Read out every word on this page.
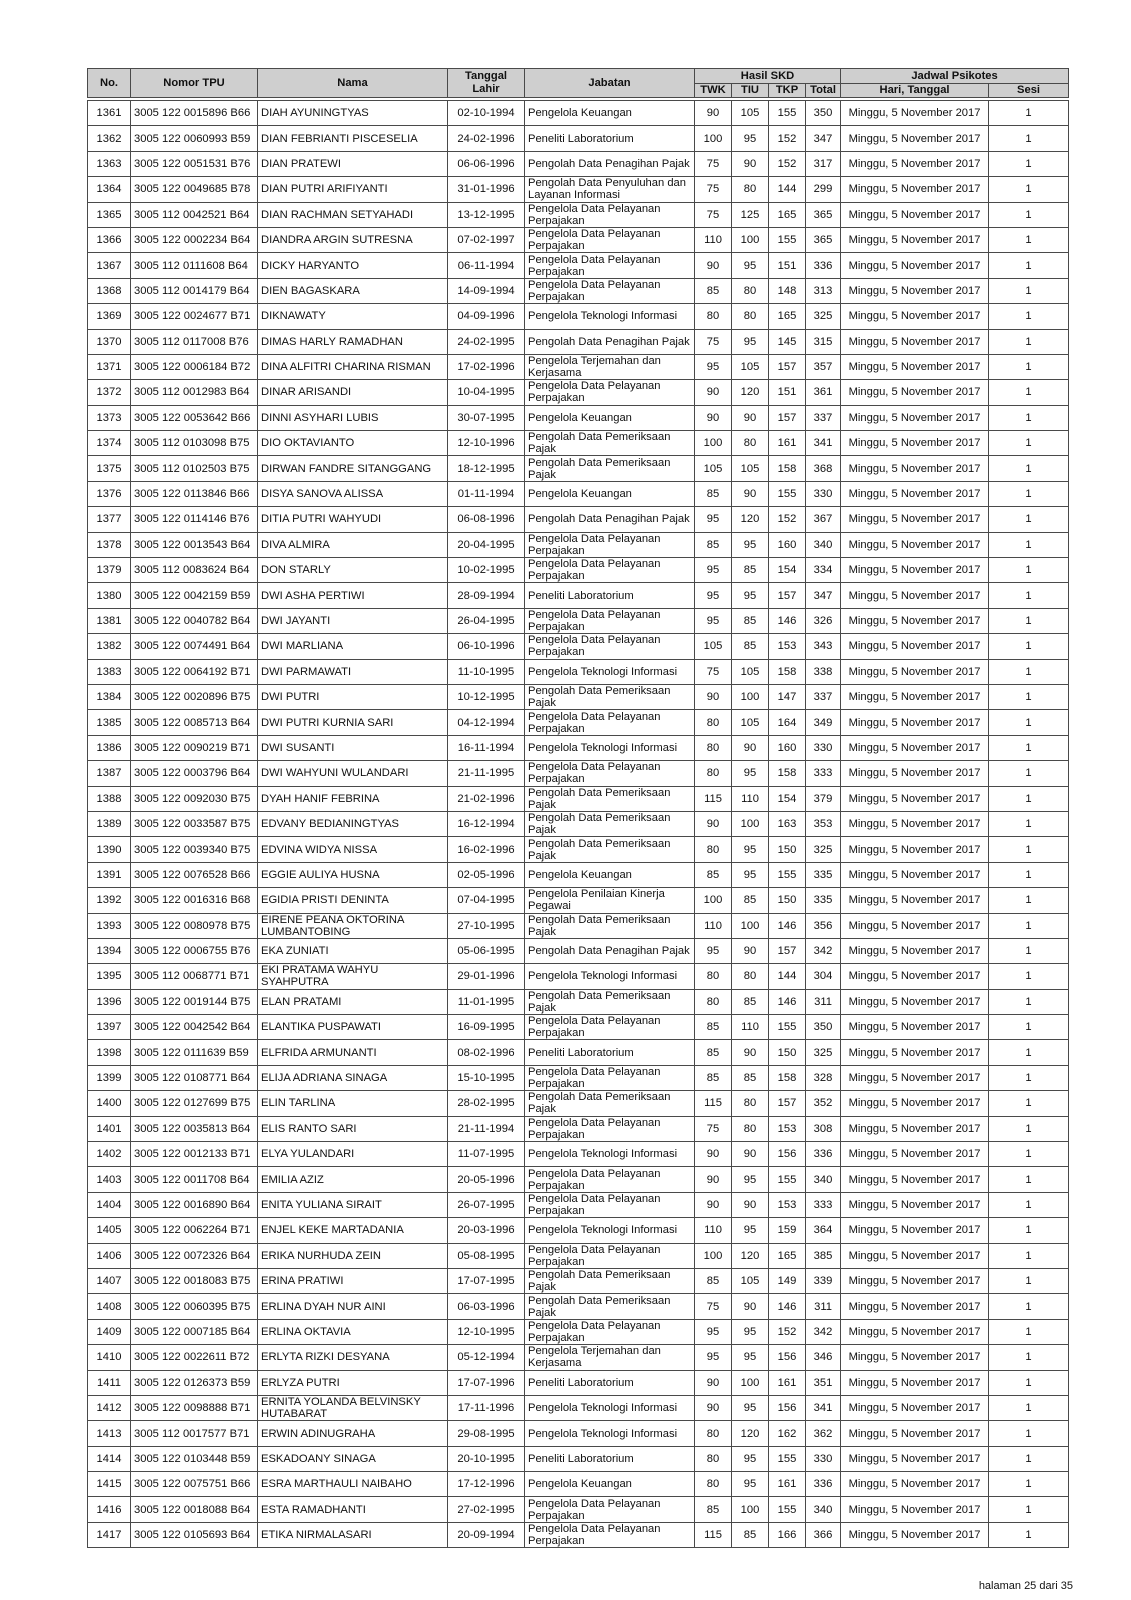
No.	Nomor TPU	Nama	Tanggal Lahir	Jabatan	Hasil SKD				Jadwal Psikotes	
					TWK	TIU	TKP	Total	Hari, Tanggal	Sesi

1361	3005 122 0015896 B66	DIAH AYUNINGTYAS	02-10-1994	Pengelola Keuangan	90	105	155	350	Minggu, 5 November 2017	1
1362	3005 122 0060993 B59	DIAN FEBRIANTI PISCESELIA	24-02-1996	Peneliti Laboratorium	100	95	152	347	Minggu, 5 November 2017	1
1363	3005 122 0051531 B76	DIAN PRATEWI	06-06-1996	Pengolah Data Penagihan Pajak	75	90	152	317	Minggu, 5 November 2017	1
1364	3005 122 0049685 B78	DIAN PUTRI ARIFIYANTI	31-01-1996	Pengolah Data Penyuluhan dan Layanan Informasi	75	80	144	299	Minggu, 5 November 2017	1
1365	3005 112 0042521 B64	DIAN RACHMAN SETYAHADI	13-12-1995	Pengelola Data Pelayanan Perpajakan	75	125	165	365	Minggu, 5 November 2017	1
1366	3005 122 0002234 B64	DIANDRA ARGIN SUTRESNA	07-02-1997	Pengelola Data Pelayanan Perpajakan	110	100	155	365	Minggu, 5 November 2017	1
1367	3005 112 0111608 B64	DICKY HARYANTO	06-11-1994	Pengelola Data Pelayanan Perpajakan	90	95	151	336	Minggu, 5 November 2017	1
1368	3005 112 0014179 B64	DIEN BAGASKARA	14-09-1994	Pengelola Data Pelayanan Perpajakan	85	80	148	313	Minggu, 5 November 2017	1
1369	3005 122 0024677 B71	DIKNAWATY	04-09-1996	Pengelola Teknologi Informasi	80	80	165	325	Minggu, 5 November 2017	1
1370	3005 112 0117008 B76	DIMAS HARLY RAMADHAN	24-02-1995	Pengolah Data Penagihan Pajak	75	95	145	315	Minggu, 5 November 2017	1
1371	3005 122 0006184 B72	DINA ALFITRI CHARINA RISMAN	17-02-1996	Pengelola Terjemahan dan Kerjasama	95	105	157	357	Minggu, 5 November 2017	1
1372	3005 112 0012983 B64	DINAR ARISANDI	10-04-1995	Pengelola Data Pelayanan Perpajakan	90	120	151	361	Minggu, 5 November 2017	1
1373	3005 122 0053642 B66	DINNI ASYHARI LUBIS	30-07-1995	Pengelola Keuangan	90	90	157	337	Minggu, 5 November 2017	1
1374	3005 112 0103098 B75	DIO OKTAVIANTO	12-10-1996	Pengolah Data Pemeriksaan Pajak	100	80	161	341	Minggu, 5 November 2017	1
1375	3005 112 0102503 B75	DIRWAN FANDRE SITANGGANG	18-12-1995	Pengolah Data Pemeriksaan Pajak	105	105	158	368	Minggu, 5 November 2017	1
1376	3005 122 0113846 B66	DISYA SANOVA ALISSA	01-11-1994	Pengelola Keuangan	85	90	155	330	Minggu, 5 November 2017	1
1377	3005 122 0114146 B76	DITIA PUTRI WAHYUDI	06-08-1996	Pengolah Data Penagihan Pajak	95	120	152	367	Minggu, 5 November 2017	1
1378	3005 122 0013543 B64	DIVA ALMIRA	20-04-1995	Pengelola Data Pelayanan Perpajakan	85	95	160	340	Minggu, 5 November 2017	1
1379	3005 112 0083624 B64	DON STARLY	10-02-1995	Pengelola Data Pelayanan Perpajakan	95	85	154	334	Minggu, 5 November 2017	1
1380	3005 122 0042159 B59	DWI ASHA PERTIWI	28-09-1994	Peneliti Laboratorium	95	95	157	347	Minggu, 5 November 2017	1
1381	3005 122 0040782 B64	DWI JAYANTI	26-04-1995	Pengelola Data Pelayanan Perpajakan	95	85	146	326	Minggu, 5 November 2017	1
1382	3005 122 0074491 B64	DWI MARLIANA	06-10-1996	Pengelola Data Pelayanan Perpajakan	105	85	153	343	Minggu, 5 November 2017	1
1383	3005 122 0064192 B71	DWI PARMAWATI	11-10-1995	Pengelola Teknologi Informasi	75	105	158	338	Minggu, 5 November 2017	1
1384	3005 122 0020896 B75	DWI PUTRI	10-12-1995	Pengolah Data Pemeriksaan Pajak	90	100	147	337	Minggu, 5 November 2017	1
1385	3005 122 0085713 B64	DWI PUTRI KURNIA SARI	04-12-1994	Pengelola Data Pelayanan Perpajakan	80	105	164	349	Minggu, 5 November 2017	1
1386	3005 122 0090219 B71	DWI SUSANTI	16-11-1994	Pengelola Teknologi Informasi	80	90	160	330	Minggu, 5 November 2017	1
1387	3005 122 0003796 B64	DWI WAHYUNI WULANDARI	21-11-1995	Pengelola Data Pelayanan Perpajakan	80	95	158	333	Minggu, 5 November 2017	1
1388	3005 122 0092030 B75	DYAH HANIF FEBRINA	21-02-1996	Pengolah Data Pemeriksaan Pajak	115	110	154	379	Minggu, 5 November 2017	1
1389	3005 122 0033587 B75	EDVANY BEDIANINGTYAS	16-12-1994	Pengolah Data Pemeriksaan Pajak	90	100	163	353	Minggu, 5 November 2017	1
1390	3005 122 0039340 B75	EDVINA WIDYA NISSA	16-02-1996	Pengolah Data Pemeriksaan Pajak	80	95	150	325	Minggu, 5 November 2017	1
1391	3005 122 0076528 B66	EGGIE AULIYA HUSNA	02-05-1996	Pengelola Keuangan	85	95	155	335	Minggu, 5 November 2017	1
1392	3005 122 0016316 B68	EGIDIA PRISTI DENINTA	07-04-1995	Pengelola Penilaian Kinerja Pegawai	100	85	150	335	Minggu, 5 November 2017	1
1393	3005 122 0080978 B75	EIRENE PEANA OKTORINA LUMBANTOBING	27-10-1995	Pengolah Data Pemeriksaan Pajak	110	100	146	356	Minggu, 5 November 2017	1
1394	3005 122 0006755 B76	EKA ZUNIATI	05-06-1995	Pengolah Data Penagihan Pajak	95	90	157	342	Minggu, 5 November 2017	1
1395	3005 112 0068771 B71	EKI PRATAMA WAHYU SYAHPUTRA	29-01-1996	Pengelola Teknologi Informasi	80	80	144	304	Minggu, 5 November 2017	1
1396	3005 122 0019144 B75	ELAN PRATAMI	11-01-1995	Pengolah Data Pemeriksaan Pajak	80	85	146	311	Minggu, 5 November 2017	1
1397	3005 122 0042542 B64	ELANTIKA PUSPAWATI	16-09-1995	Pengelola Data Pelayanan Perpajakan	85	110	155	350	Minggu, 5 November 2017	1
1398	3005 122 0111639 B59	ELFRIDA ARMUNANTI	08-02-1996	Peneliti Laboratorium	85	90	150	325	Minggu, 5 November 2017	1
1399	3005 122 0108771 B64	ELIJA ADRIANA SINAGA	15-10-1995	Pengelola Data Pelayanan Perpajakan	85	85	158	328	Minggu, 5 November 2017	1
1400	3005 122 0127699 B75	ELIN TARLINA	28-02-1995	Pengolah Data Pemeriksaan Pajak	115	80	157	352	Minggu, 5 November 2017	1
1401	3005 122 0035813 B64	ELIS RANTO SARI	21-11-1994	Pengelola Data Pelayanan Perpajakan	75	80	153	308	Minggu, 5 November 2017	1
1402	3005 122 0012133 B71	ELYA YULANDARI	11-07-1995	Pengelola Teknologi Informasi	90	90	156	336	Minggu, 5 November 2017	1
1403	3005 122 0011708 B64	EMILIA AZIZ	20-05-1996	Pengelola Data Pelayanan Perpajakan	90	95	155	340	Minggu, 5 November 2017	1
1404	3005 122 0016890 B64	ENITA YULIANA SIRAIT	26-07-1995	Pengelola Data Pelayanan Perpajakan	90	90	153	333	Minggu, 5 November 2017	1
1405	3005 122 0062264 B71	ENJEL KEKE MARTADANIA	20-03-1996	Pengelola Teknologi Informasi	110	95	159	364	Minggu, 5 November 2017	1
1406	3005 122 0072326 B64	ERIKA NURHUDA ZEIN	05-08-1995	Pengelola Data Pelayanan Perpajakan	100	120	165	385	Minggu, 5 November 2017	1
1407	3005 122 0018083 B75	ERINA PRATIWI	17-07-1995	Pengolah Data Pemeriksaan Pajak	85	105	149	339	Minggu, 5 November 2017	1
1408	3005 122 0060395 B75	ERLINA DYAH NUR AINI	06-03-1996	Pengolah Data Pemeriksaan Pajak	75	90	146	311	Minggu, 5 November 2017	1
1409	3005 122 0007185 B64	ERLINA OKTAVIA	12-10-1995	Pengelola Data Pelayanan Perpajakan	95	95	152	342	Minggu, 5 November 2017	1
1410	3005 122 0022611 B72	ERLYTA RIZKI DESYANA	05-12-1994	Pengelola Terjemahan dan Kerjasama	95	95	156	346	Minggu, 5 November 2017	1
1411	3005 122 0126373 B59	ERLYZA PUTRI	17-07-1996	Peneliti Laboratorium	90	100	161	351	Minggu, 5 November 2017	1
1412	3005 122 0098888 B71	ERNITA YOLANDA BELVINSKY HUTABARAT	17-11-1996	Pengelola Teknologi Informasi	90	95	156	341	Minggu, 5 November 2017	1
1413	3005 112 0017577 B71	ERWIN ADINUGRAHA	29-08-1995	Pengelola Teknologi Informasi	80	120	162	362	Minggu, 5 November 2017	1
1414	3005 122 0103448 B59	ESKADOANY SINAGA	20-10-1995	Peneliti Laboratorium	80	95	155	330	Minggu, 5 November 2017	1
1415	3005 122 0075751 B66	ESRA MARTHAULI NAIBAHO	17-12-1996	Pengelola Keuangan	80	95	161	336	Minggu, 5 November 2017	1
1416	3005 122 0018088 B64	ESTA RAMADHANTI	27-02-1995	Pengelola Data Pelayanan Perpajakan	85	100	155	340	Minggu, 5 November 2017	1
1417	3005 122 0105693 B64	ETIKA NIRMALASARI	20-09-1994	Pengelola Data Pelayanan Perpajakan	115	85	166	366	Minggu, 5 November 2017	1
halaman 25 dari 35
